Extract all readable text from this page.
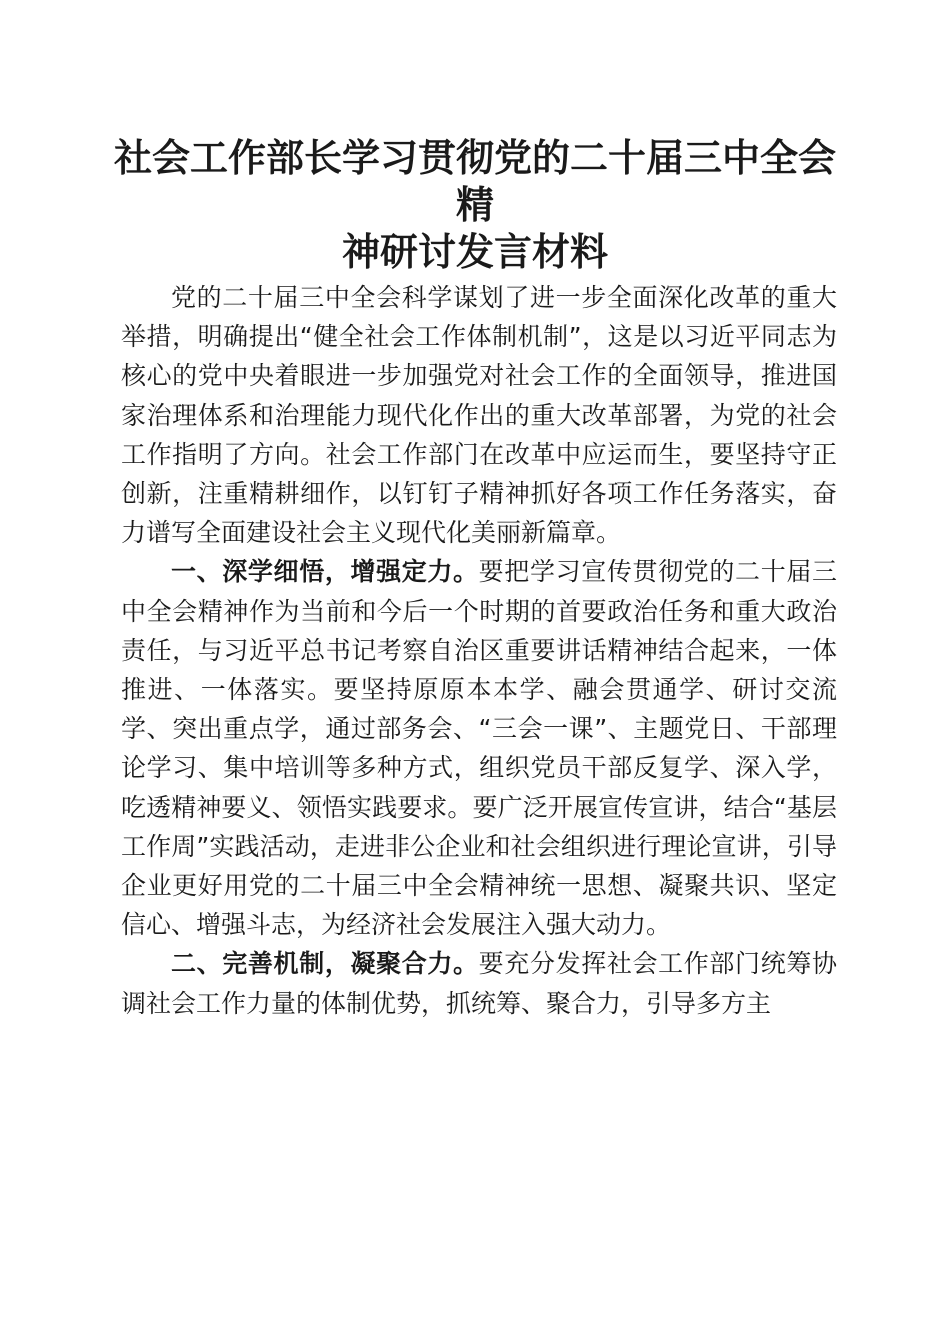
社会工作部长学习贯彻党的二十届三中全会精
神研讨发言材料

党的二十届三中全会科学谋划了进一步全面深化改革的重大举措，明确提出“健全社会工作体制机制”，这是以习近平同志为核心的党中央着眼进一步加强党对社会工作的全面领导，推进国家治理体系和治理能力现代化作出的重大改革部署，为党的社会工作指明了方向。社会工作部门在改革中应运而生，要坚持守正创新，注重精耕细作，以钉钉子精神抓好各项工作任务落实，奋力谱写全面建设社会主义现代化美丽新篇章。

一、深学细悟，增强定力。要把学习宣传贯彻党的二十届三中全会精神作为当前和今后一个时期的首要政治任务和重大政治责任，与习近平总书记考察自治区重要讲话精神结合起来，一体推进、一体落实。要坚持原原本本学、融会贯通学、研讨交流学、突出重点学，通过部务会、“三会一课”、主题党日、干部理论学习、集中培训等多种方式，组织党员干部反复学、深入学，吃透精神要义、领悟实践要求。要广泛开展宣传宣讲，结合“基层工作周”实践活动，走进非公企业和社会组织进行理论宣讲，引导企业更好用党的二十届三中全会精神统一思想、凝聚共识、坚定信心、增强斗志，为经济社会发展注入强大动力。

二、完善机制，凝聚合力。要充分发挥社会工作部门统筹协调社会工作力量的体制优势，抓统筹、聚合力，引导多方主
